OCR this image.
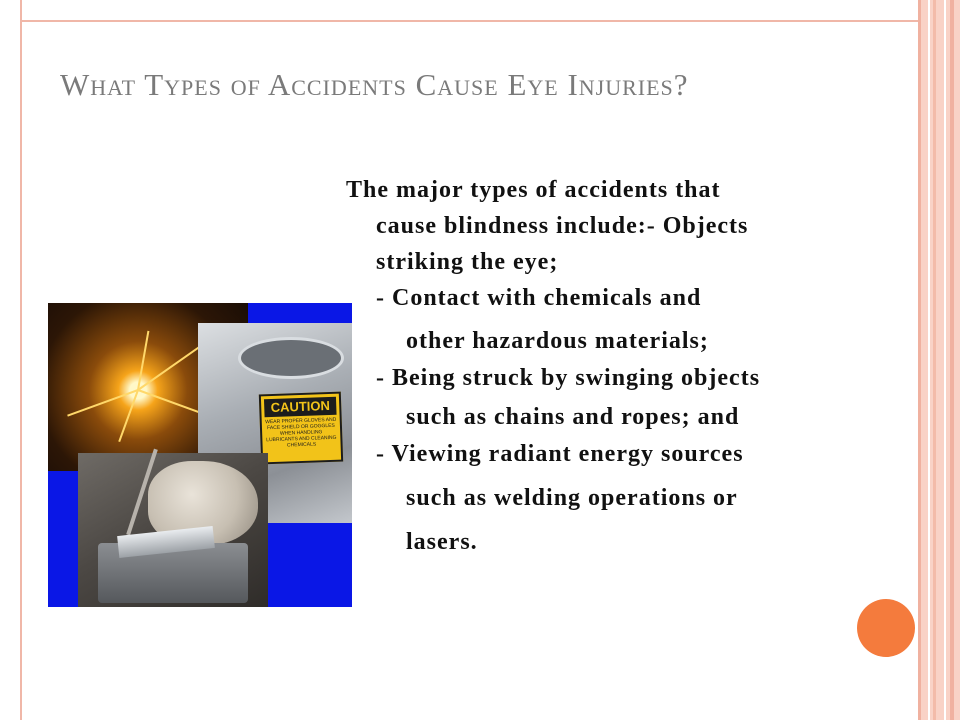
What Types of Accidents Cause Eye Injuries?
CAUTION
WEAR PROPER GLOVES AND FACE SHIELD OR GOGGLES WHEN HANDLING LUBRICANTS AND CLEANING CHEMICALS
The major types of accidents that
cause blindness include:- Objects
striking the eye;
- Contact with chemicals and
other hazardous materials;
- Being struck by swinging objects
such as chains and ropes; and
- Viewing radiant energy sources
such as welding operations or
lasers.
